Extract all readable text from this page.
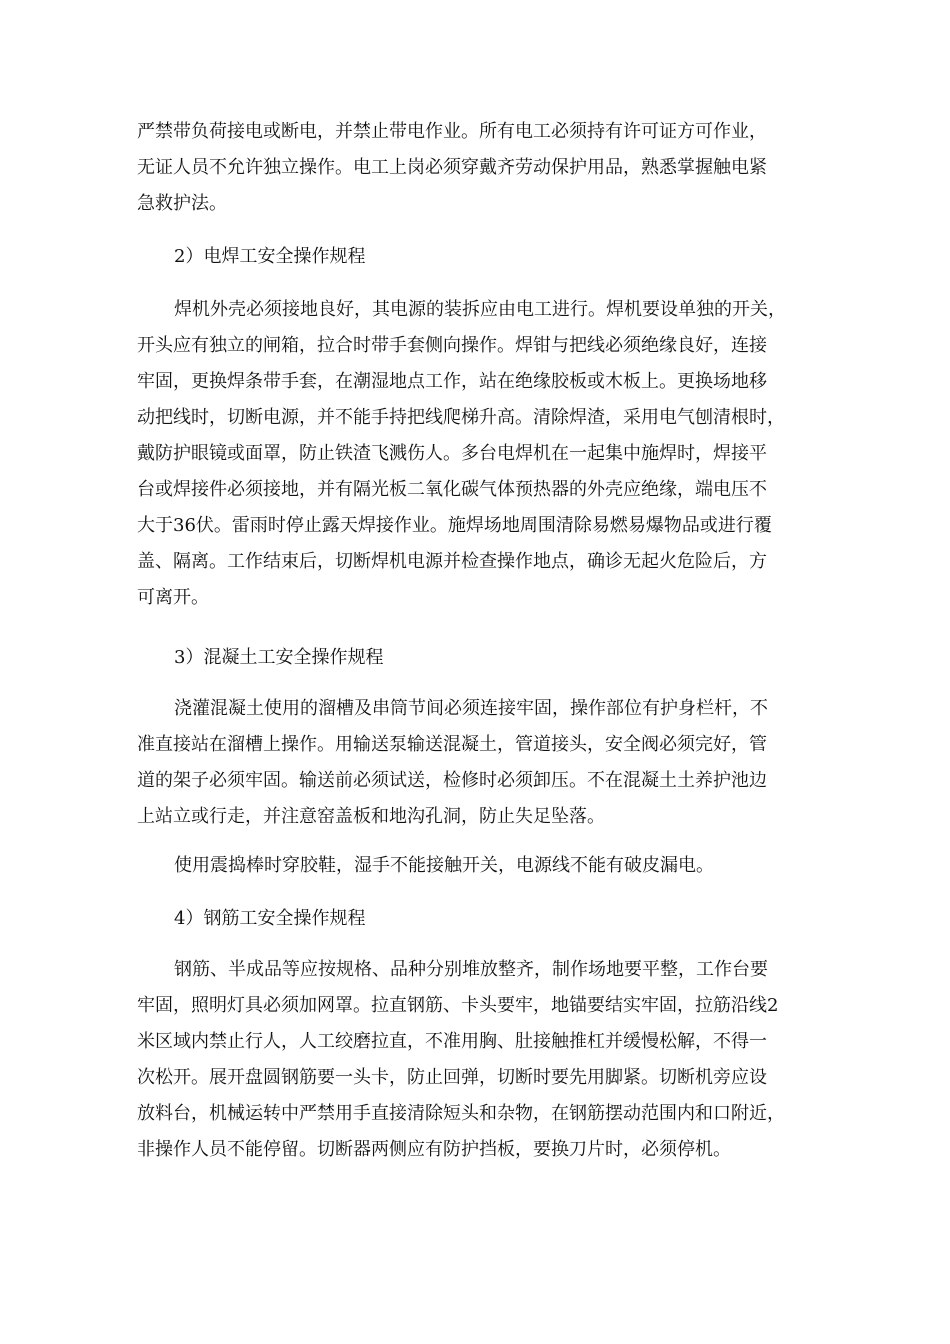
严禁带负荷接电或断电，并禁止带电作业。所有电工必须持有许可证方可作业，
无证人员不允许独立操作。电工上岗必须穿戴齐劳动保护用品，熟悉掌握触电紧
急救护法。
2）电焊工安全操作规程
焊机外壳必须接地良好，其电源的装拆应由电工进行。焊机要设单独的开关，
开头应有独立的闸箱，拉合时带手套侧向操作。焊钳与把线必须绝缘良好，连接
牢固，更换焊条带手套，在潮湿地点工作，站在绝缘胶板或木板上。更换场地移
动把线时，切断电源，并不能手持把线爬梯升高。清除焊渣，采用电气刨清根时，
戴防护眼镜或面罩，防止铁渣飞溅伤人。多台电焊机在一起集中施焊时，焊接平
台或焊接件必须接地，并有隔光板二氧化碳气体预热器的外壳应绝缘，端电压不
大于36伏。雷雨时停止露天焊接作业。施焊场地周围清除易燃易爆物品或进行覆
盖、隔离。工作结束后，切断焊机电源并检查操作地点，确诊无起火危险后，方
可离开。
3）混凝土工安全操作规程
浇灌混凝土使用的溜槽及串筒节间必须连接牢固，操作部位有护身栏杆，不
准直接站在溜槽上操作。用输送泵输送混凝土，管道接头，安全阀必须完好，管
道的架子必须牢固。输送前必须试送，检修时必须卸压。不在混凝土土养护池边
上站立或行走，并注意窑盖板和地沟孔洞，防止失足坠落。
使用震捣棒时穿胶鞋，湿手不能接触开关，电源线不能有破皮漏电。
4）钢筋工安全操作规程
钢筋、半成品等应按规格、品种分别堆放整齐，制作场地要平整，工作台要
牢固，照明灯具必须加网罩。拉直钢筋、卡头要牢，地锚要结实牢固，拉筋沿线2
米区域内禁止行人，人工绞磨拉直，不准用胸、肚接触推杠并缓慢松解，不得一
次松开。展开盘圆钢筋要一头卡，防止回弹，切断时要先用脚紧。切断机旁应设
放料台，机械运转中严禁用手直接清除短头和杂物，在钢筋摆动范围内和口附近，
非操作人员不能停留。切断器两侧应有防护挡板，要换刀片时，必须停机。
